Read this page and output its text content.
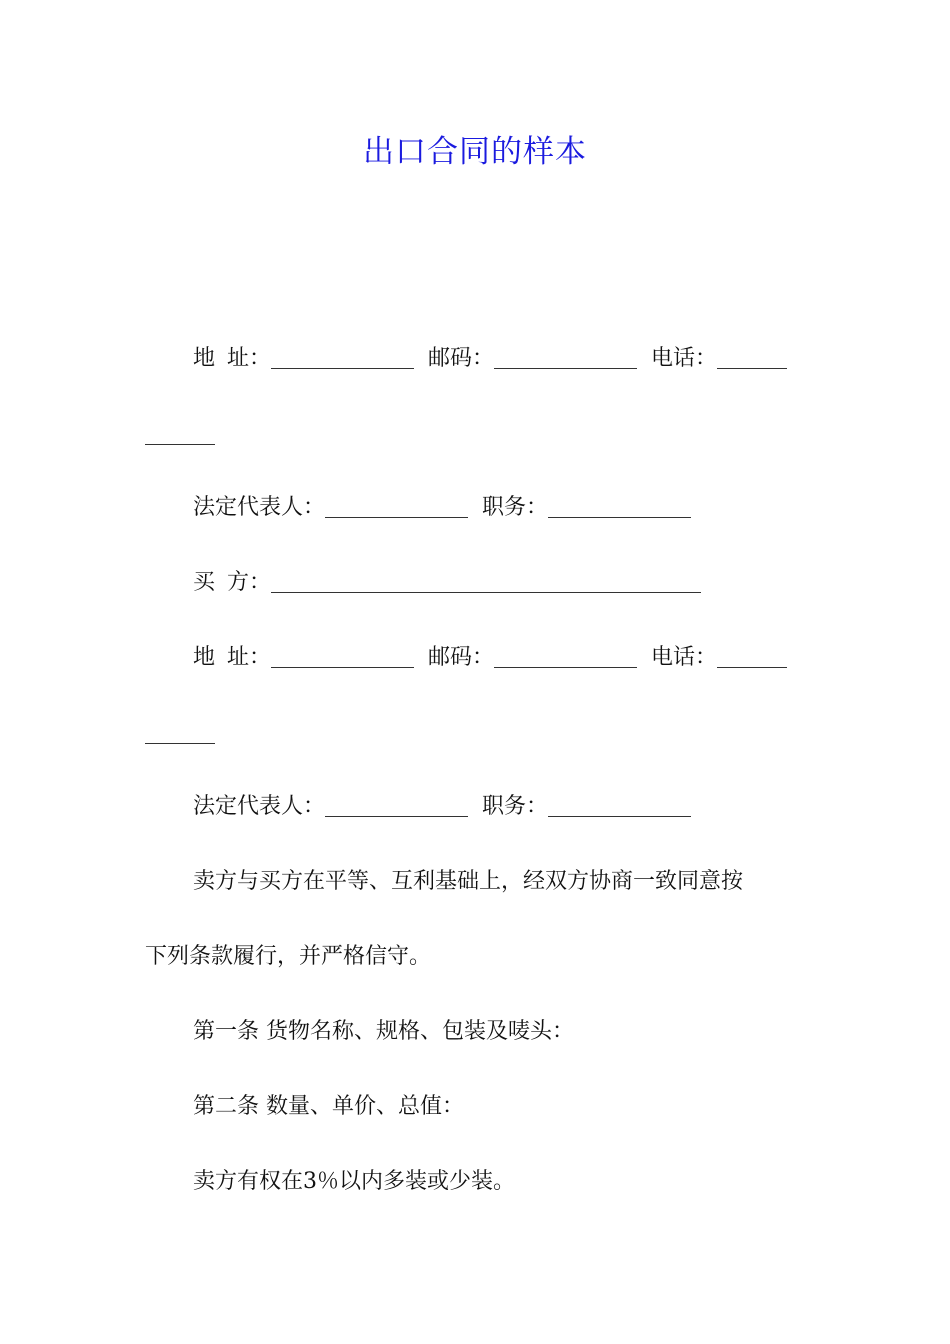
出口合同的样本
地 址：	邮码：	电话：
法定代表人：	职务：
买 方：
地 址：	邮码：	电话：
法定代表人：	职务：
卖方与买方在平等、互利基础上，经双方协商一致同意按
下列条款履行，并严格信守。
第一条 货物名称、规格、包装及唛头：
第二条 数量、单价、总值：
卖方有权在3％以内多装或少装。
